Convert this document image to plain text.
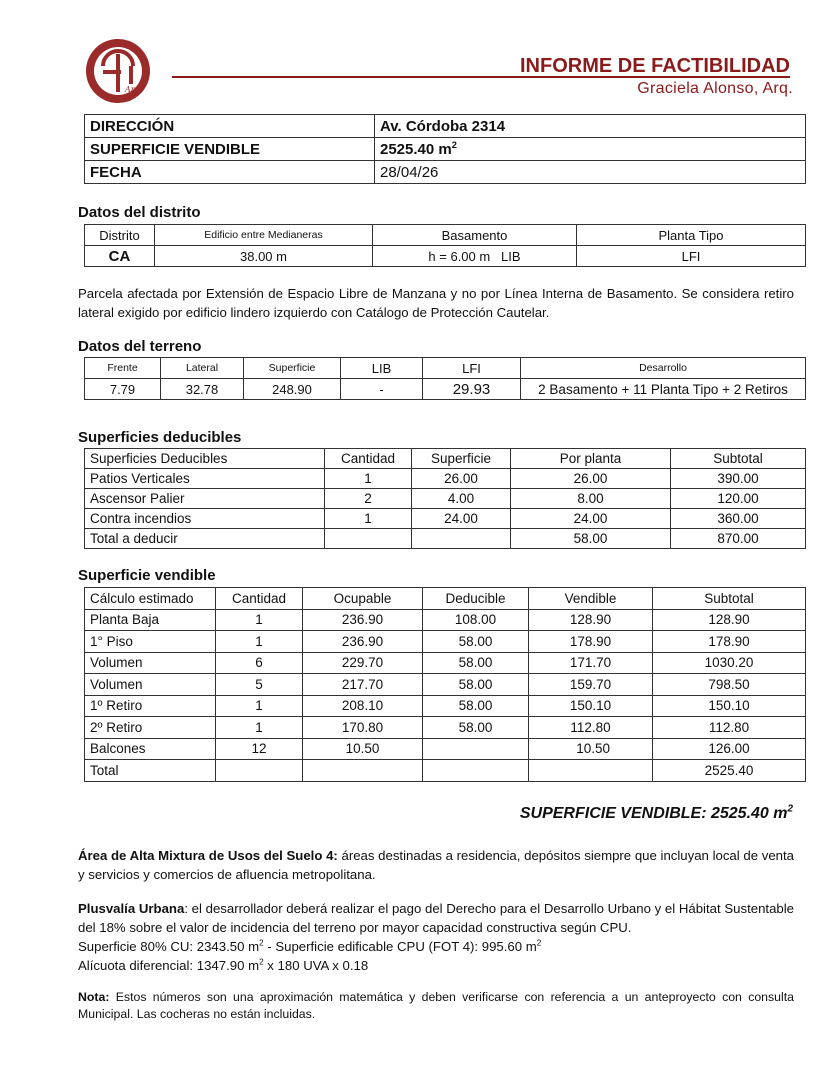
Arq
INFORME DE FACTIBILIDAD
Graciela Alonso, Arq.
DIRECCIÓN	Av. Córdoba 2314
SUPERFICIE VENDIBLE	2525.40 $m^2$
FECHA	28/04/26
Datos del distrito
Distrito	Edificio entre Medianeras	Basamento	Planta Tipo
CA	38.00 m	h = 6.00 m   LIB	LFI
Parcela afectada por Extensión de Espacio Libre de Manzana y no por Línea Interna de Basamento. Se considera retiro lateral exigido por edificio lindero izquierdo con Catálogo de Protección Cautelar.
Datos del terreno
Frente	Lateral	Superficie	LIB	LFI	Desarrollo
7.79	32.78	248.90	-	29.93	2 Basamento + 11 Planta Tipo + 2 Retiros
Superficies deducibles
Superficies Deducibles	Cantidad	Superficie	Por planta	Subtotal
Patios Verticales	1	26.00	26.00	390.00
Ascensor Palier	2	4.00	8.00	120.00
Contra incendios	1	24.00	24.00	360.00
Total a deducir			58.00	870.00
Superficie vendible
Cálculo estimado	Cantidad	Ocupable	Deducible	Vendible	Subtotal
Planta Baja	1	236.90	108.00	128.90	128.90
1° Piso	1	236.90	58.00	178.90	178.90
Volumen	6	229.70	58.00	171.70	1030.20
Volumen	5	217.70	58.00	159.70	798.50
1º Retiro	1	208.10	58.00	150.10	150.10
2º Retiro	1	170.80	58.00	112.80	112.80
Balcones	12	10.50		10.50	126.00
Total					2525.40
SUPERFICIE VENDIBLE: 2525.40 $m^2$
Área de Alta Mixtura de Usos del Suelo 4: áreas destinadas a residencia, depósitos siempre que incluyan local de venta y servicios y comercios de afluencia metropolitana.
Plusvalía Urbana: el desarrollador deberá realizar el pago del Derecho para el Desarrollo Urbano y el Hábitat Sustentable del 18% sobre el valor de incidencia del terreno por mayor capacidad constructiva según CPU.
Superficie 80% CU: 2343.50 $m^2$ - Superficie edificable CPU (FOT 4): 995.60 $m^2$
Alícuota diferencial: 1347.90 $m^2$ x 180 UVA x 0.18
Nota: Estos números son una aproximación matemática y deben verificarse con referencia a un anteproyecto con consulta Municipal. Las cocheras no están incluidas.
